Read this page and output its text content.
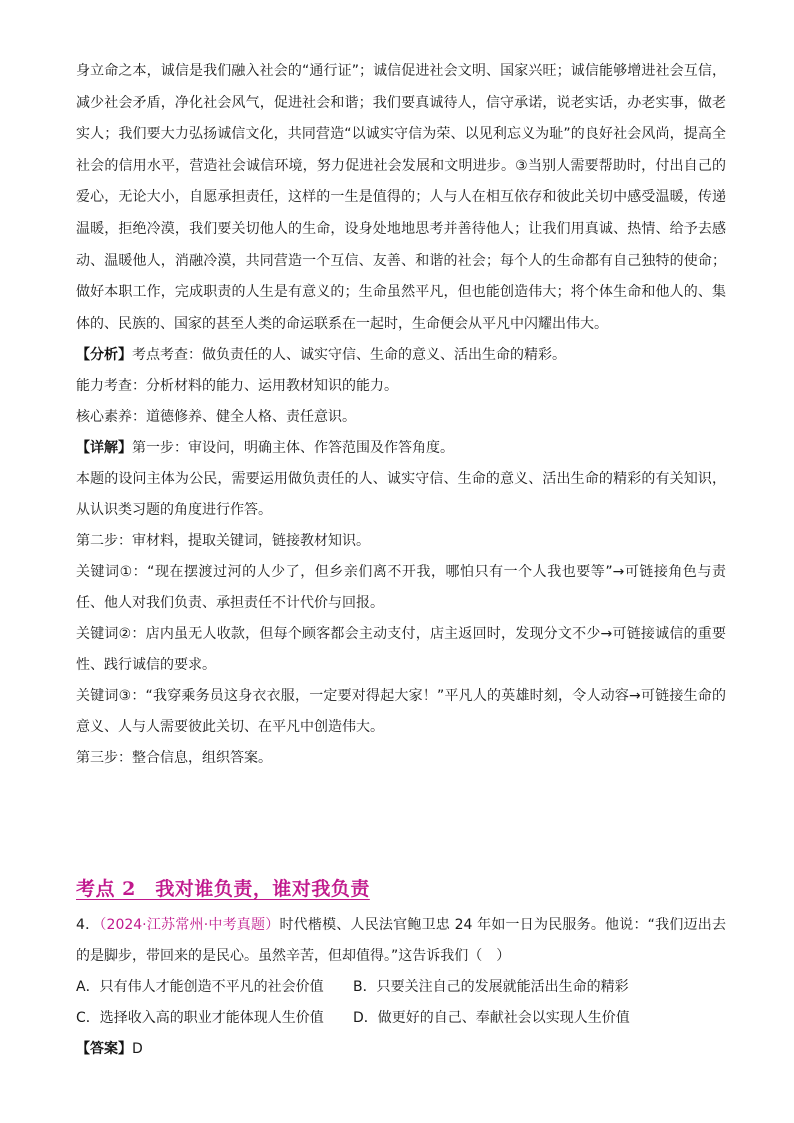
身立命之本，诚信是我们融入社会的“通行证”；诚信促进社会文明、国家兴旺；诚信能够增进社会互信，减少社会矛盾，净化社会风气，促进社会和谐；我们要真诚待人，信守承诺，说老实话，办老实事，做老实人；我们要大力弘扬诚信文化，共同营造“以诚实守信为荣、以见利忘义为耻”的良好社会风尚，提高全社会的信用水平，营造社会诚信环境，努力促进社会发展和文明进步。③当别人需要帮助时，付出自己的爱心，无论大小，自愿承担责任，这样的一生是值得的；人与人在相互依存和彼此关切中感受温暖，传递温暖，拒绝冷漠，我们要关切他人的生命，设身处地地思考并善待他人；让我们用真诚、热情、给予去感动、温暖他人，消融冷漠，共同营造一个互信、友善、和谐的社会；每个人的生命都有自己独特的使命；做好本职工作，完成职责的人生是有意义的；生命虽然平凡，但也能创造伟大；将个体生命和他人的、集体的、民族的、国家的甚至人类的命运联系在一起时，生命便会从平凡中闪耀出伟大。

【分析】考点考查：做负责任的人、诚实守信、生命的意义、活出生命的精彩。

能力考查：分析材料的能力、运用教材知识的能力。

核心素养：道德修养、健全人格、责任意识。

【详解】第一步：审设问，明确主体、作答范围及作答角度。

本题的设问主体为公民，需要运用做负责任的人、诚实守信、生命的意义、活出生命的精彩的有关知识，从认识类习题的角度进行作答。

第二步：审材料，提取关键词，链接教材知识。

关键词①：“现在摆渡过河的人少了，但乡亲们离不开我，哪怕只有一个人我也要等”→可链接角色与责任、他人对我们负责、承担责任不计代价与回报。

关键词②：店内虽无人收款，但每个顾客都会主动支付，店主返回时，发现分文不少→可链接诚信的重要性、践行诚信的要求。

关键词③：“我穿乘务员这身衣衣服，一定要对得起大家！”平凡人的英雄时刻，令人动容→可链接生命的意义、人与人需要彼此关切、在平凡中创造伟大。

第三步：整合信息，组织答案。

考点 2　我对谁负责，谁对我负责

4．（2024·江苏常州·中考真题）时代楷模、人民法官鲍卫忠 24 年如一日为民服务。他说：“我们迈出去的是脚步，带回来的是民心。虽然辛苦，但却值得。”这告诉我们（　）

A．只有伟人才能创造不平凡的社会价值	B．只要关注自己的发展就能活出生命的精彩
C．选择收入高的职业才能体现人生价值	D．做更好的自己、奉献社会以实现人生价值

【答案】D
